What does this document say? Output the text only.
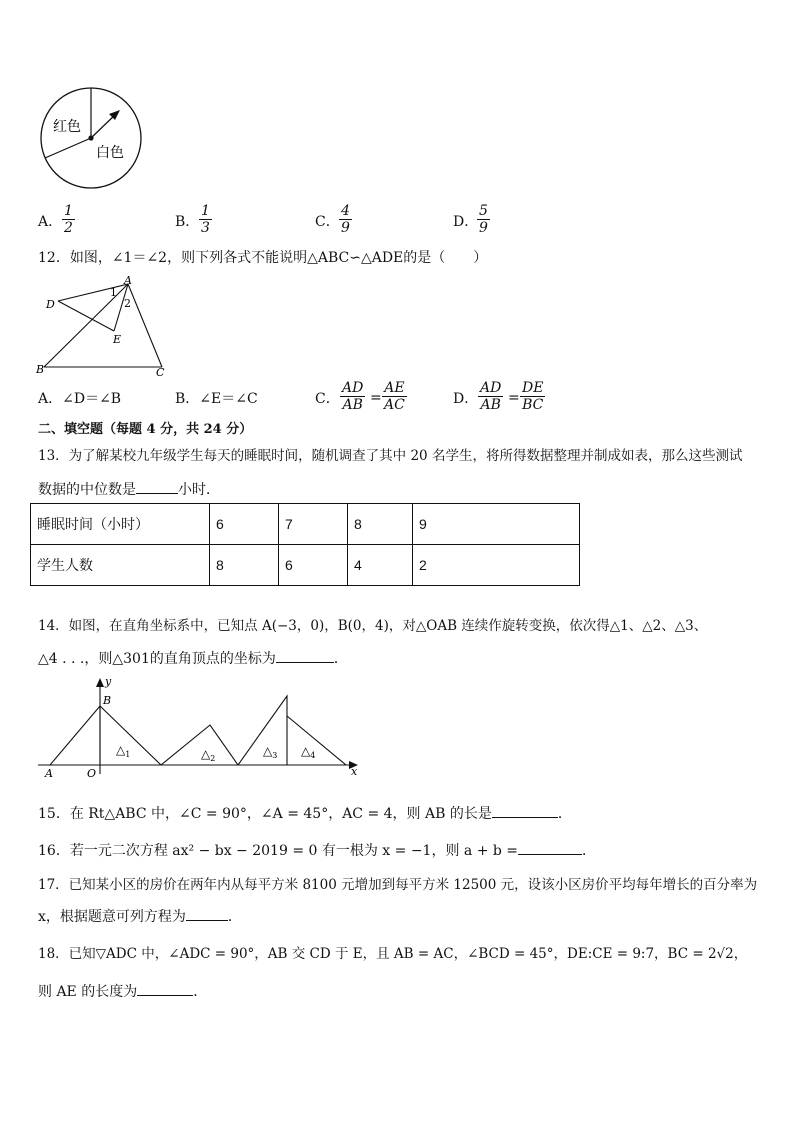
红色
白色
A． $\frac{1}{2}$	B． $\frac{1}{3}$	C． $\frac{4}{9}$	D．
$\frac{5}{9}$
12．如图，∠1＝∠2，则下列各式不能说明△ABC∽△ADE的是（　　）
A
D
E
B	C
1
2
A．∠D＝∠B	B．∠E＝∠C	C． $\frac{AD}{AB} = \frac{AE}{AC}$	D． $\frac{AD}{AB} = \frac{DE}{BC}$
二、填空题（每题 4 分，共 24 分）
13．为了解某校九年级学生每天的睡眠时间，随机调查了其中 20 名学生，将所得数据整理并制成如表，那么这些测试
数据的中位数是	小时．
睡眠时间（小时）	6	7	8	9
学生人数	8	6	4	2
14．如图，在直角坐标系中，已知点 A(−3，0)，B(0，4)，对△OAB 连续作旋转变换，依次得△1、△2、△3、
△4 . . .，则△301的直角顶点的坐标为	．
y
x
B
A	O
$\triangle_1$	$\triangle_2$
$\triangle_3$ $\triangle_4$
15．在 Rt△ABC 中，∠C = 90°，∠A = 45°，AC = 4，则 AB 的长是	．
16．若一元二次方程 ax² − bx − 2019 = 0 有一根为 x = −1，则 a + b =	．
17．已知某小区的房价在两年内从每平方米 8100 元增加到每平方米 12500 元，设该小区房价平均每年增长的百分率为
x，根据题意可列方程为	．
18．已知▽ADC 中，∠ADC = 90°，AB 交 CD 于 E，且 AB = AC，∠BCD = 45°，DE:CE = 9:7，BC = 2√2，
则 AE 的长度为	．
